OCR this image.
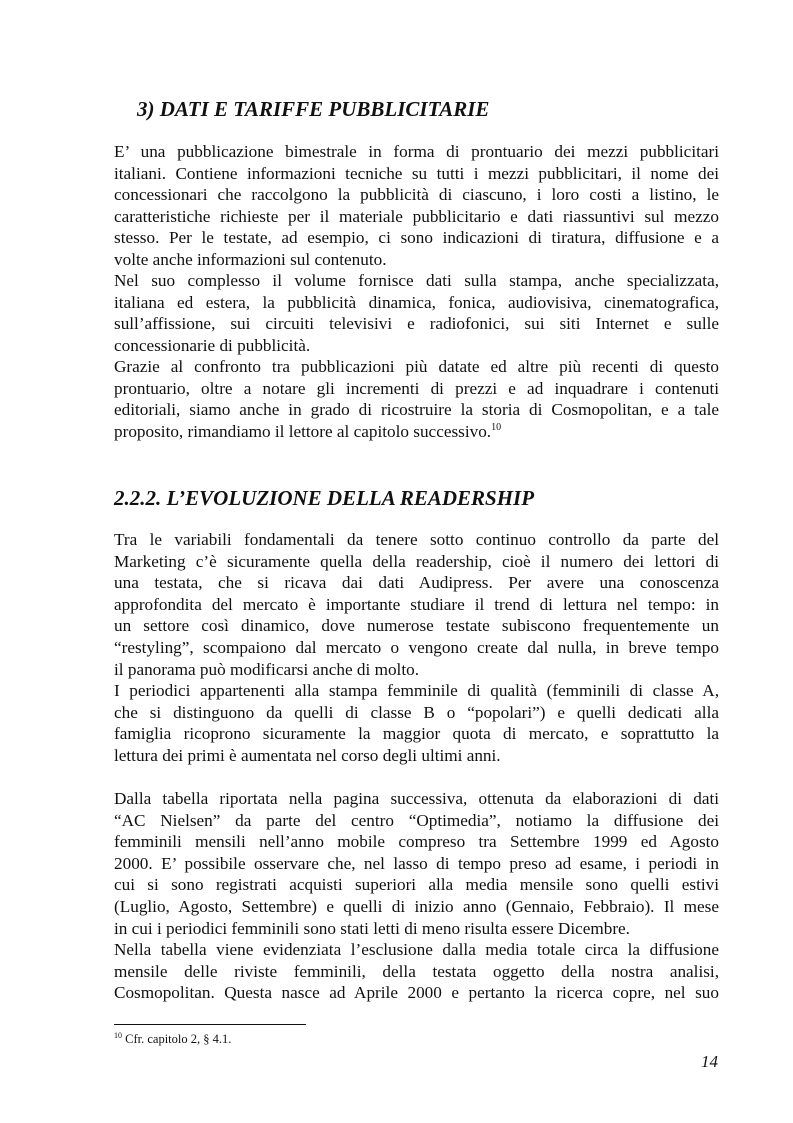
3) DATI E TARIFFE PUBBLICITARIE

E’ una pubblicazione bimestrale in forma di prontuario dei mezzi pubblicitari
italiani. Contiene informazioni tecniche su tutti i mezzi pubblicitari, il nome dei
concessionari che raccolgono la pubblicità di ciascuno, i loro costi a listino, le
caratteristiche richieste per il materiale pubblicitario e dati riassuntivi sul mezzo
stesso. Per le testate, ad esempio, ci sono indicazioni di tiratura, diffusione e a
volte anche informazioni sul contenuto.

Nel suo complesso il volume fornisce dati sulla stampa, anche specializzata,
italiana ed estera, la pubblicità dinamica, fonica, audiovisiva, cinematografica,
sull’affissione, sui circuiti televisivi e radiofonici, sui siti Internet e sulle
concessionarie di pubblicità.

Grazie al confronto tra pubblicazioni più datate ed altre più recenti di questo
prontuario, oltre a notare gli incrementi di prezzi e ad inquadrare i contenuti
editoriali, siamo anche in grado di ricostruire la storia di Cosmopolitan, e a tale
proposito, rimandiamo il lettore al capitolo successivo.$^{10}$

2.2.2. L’EVOLUZIONE DELLA READERSHIP

Tra le variabili fondamentali da tenere sotto continuo controllo da parte del
Marketing c’è sicuramente quella della readership, cioè il numero dei lettori di
una testata, che si ricava dai dati Audipress. Per avere una conoscenza
approfondita del mercato è importante studiare il trend di lettura nel tempo: in
un settore così dinamico, dove numerose testate subiscono frequentemente un
“restyling”, scompaiono dal mercato o vengono create dal nulla, in breve tempo
il panorama può modificarsi anche di molto.

I periodici appartenenti alla stampa femminile di qualità (femminili di classe A,
che si distinguono da quelli di classe B o “popolari”) e quelli dedicati alla
famiglia ricoprono sicuramente la maggior quota di mercato, e soprattutto la
lettura dei primi è aumentata nel corso degli ultimi anni.

Dalla tabella riportata nella pagina successiva, ottenuta da elaborazioni di dati
“AC Nielsen” da parte del centro “Optimedia”, notiamo la diffusione dei
femminili mensili nell’anno mobile compreso tra Settembre 1999 ed Agosto
2000. E’ possibile osservare che, nel lasso di tempo preso ad esame, i periodi in
cui si sono registrati acquisti superiori alla media mensile sono quelli estivi
(Luglio, Agosto, Settembre) e quelli di inizio anno (Gennaio, Febbraio). Il mese
in cui i periodici femminili sono stati letti di meno risulta essere Dicembre.

Nella tabella viene evidenziata l’esclusione dalla media totale circa la diffusione
mensile delle riviste femminili, della testata oggetto della nostra analisi,
Cosmopolitan. Questa nasce ad Aprile 2000 e pertanto la ricerca copre, nel suo

$^{10}$ Cfr. capitolo 2, § 4.1.
14
